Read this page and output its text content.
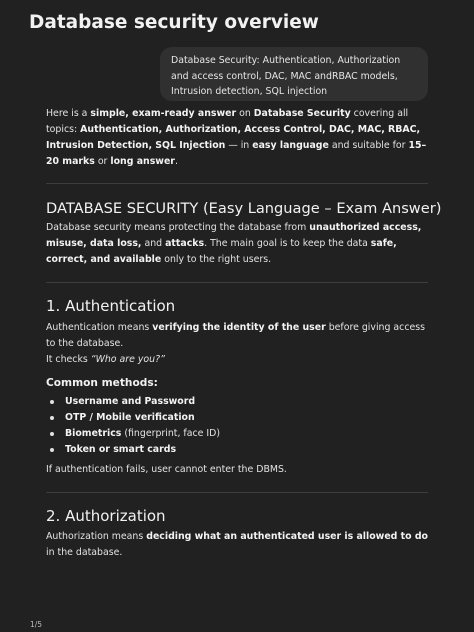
Database security overview
Database Security: Authentication, Authorization and access control, DAC, MAC andRBAC models, Intrusion detection, SQL injection

Here is a simple, exam-ready answer on Database Security covering all topics: Authentication, Authorization, Access Control, DAC, MAC, RBAC, Intrusion Detection, SQL Injection — in easy language and suitable for 15–20 marks or long answer.

DATABASE SECURITY (Easy Language – Exam Answer)

Database security means protecting the database from unauthorized access, misuse, data loss, and attacks. The main goal is to keep the data safe, correct, and available only to the right users.

1. Authentication

Authentication means verifying the identity of the user before giving access to the database.

It checks “Who are you?”

Common methods:
Username and Password
OTP / Mobile verification
Biometrics (fingerprint, face ID)
Token or smart cards

If authentication fails, user cannot enter the DBMS.

2. Authorization

Authorization means deciding what an authenticated user is allowed to do in the database.

1/5
